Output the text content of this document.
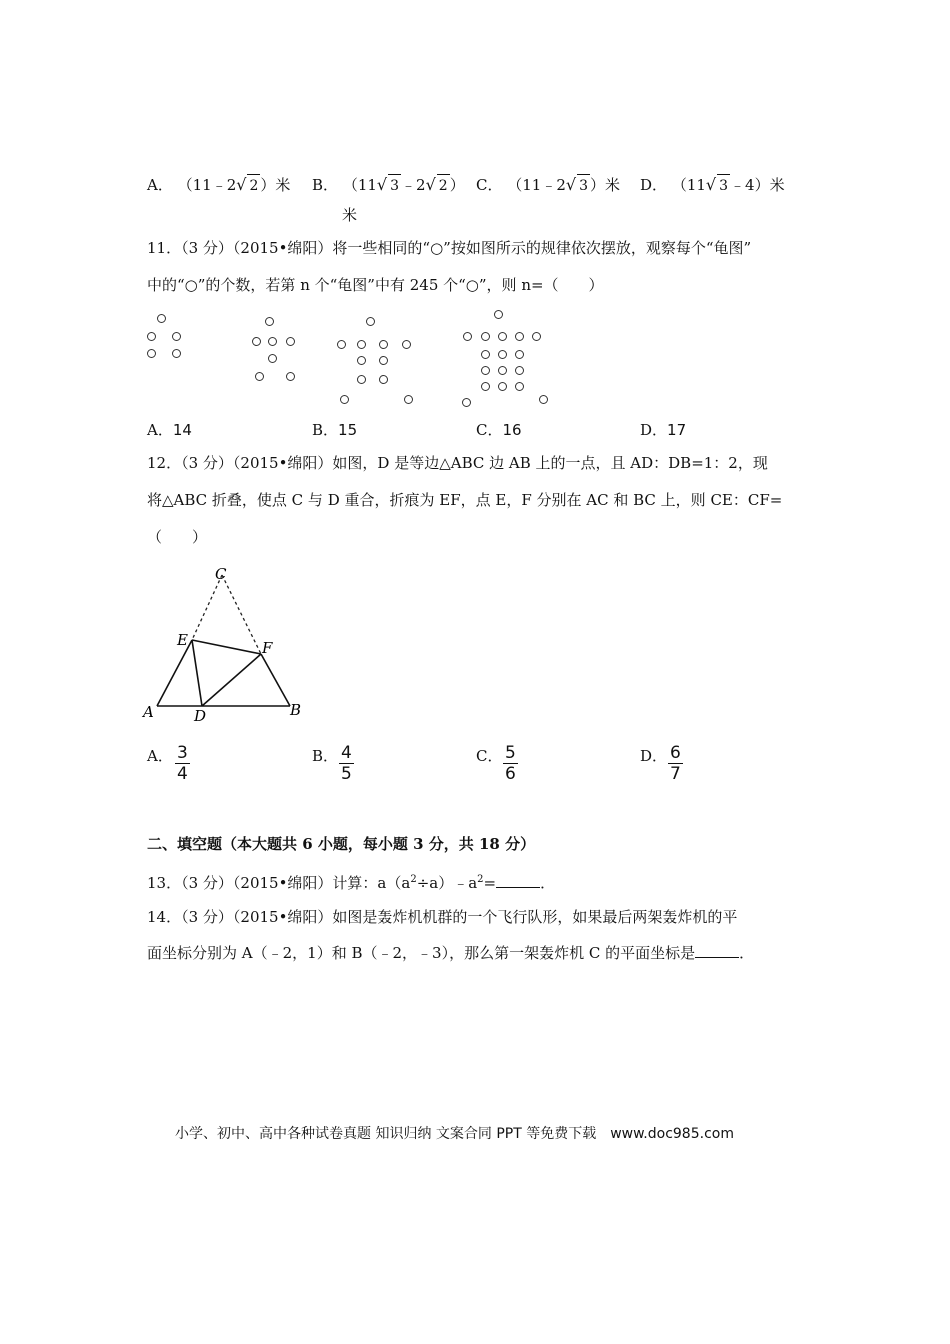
A． （11﹣2√ 2 ）米 B． （11√ 3 ﹣2√ 2 ）
米
C． （11﹣2√ 3 ）米 D． （11√ 3 ﹣4）米
11．（3 分）（2015•绵阳）将一些相同的“○”按如图所示的规律依次摆放，观察每个“龟图”
中的“○”的个数，若第 n 个“龟图”中有 245 个“○”，则 n=（　　）
A．14	B．15	C．16	D．17
12．（3 分）（2015•绵阳）如图，D 是等边△ABC 边 AB 上的一点，且 AD：DB=1：2，现
将△ABC 折叠，使点 C 与 D 重合，折痕为 EF，点 E，F 分别在 AC 和 BC 上，则 CE：CF=
（　　）
C
E	F
A	D	B
A． $\frac{3}{4}$	B． $\frac{4}{5}$	C． $\frac{5}{6}$	D． $\frac{6}{7}$
二、填空题（本大题共 6 小题，每小题 3 分，共 18 分）
13．（3 分）（2015•绵阳）计算：$a(a^2\div a)﹣a^2=$	．
14．（3 分）（2015•绵阳）如图是轰炸机机群的一个飞行队形，如果最后两架轰炸机的平
面坐标分别为 A（﹣2，1）和 B（﹣2，﹣3），那么第一架轰炸机 C 的平面坐标是	．
小学、初中、高中各种试卷真题 知识归纳 文案合同 PPT 等免费下载　www.doc985.com
